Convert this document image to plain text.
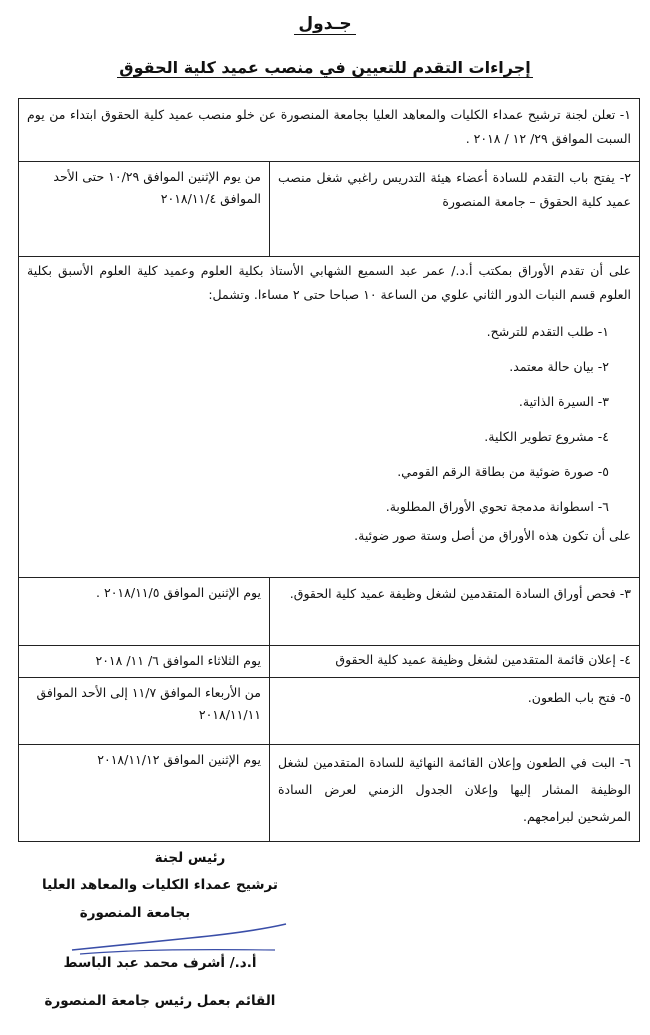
جـدول
إجراءات التقدم للتعيين في منصب عميد كلية الحقوق
١- تعلن لجنة ترشيح عمداء الكليات والمعاهد العليا بجامعة المنصورة عن خلو منصب عميد كلية الحقوق ابتداء من يوم السبت الموافق ٢٩/ ١٢ / ٢٠١٨ .
٢- يفتح باب التقدم للسادة أعضاء هيئة التدريس راغبي شغل منصب عميد كلية الحقوق – جامعة المنصورة
من يوم الإثنين الموافق ١٠/٢٩ حتى الأحد الموافق ٢٠١٨/١١/٤
على أن تقدم الأوراق بمكتب أ.د./ عمر عبد السميع الشهابي الأستاذ بكلية العلوم وعميد كلية العلوم الأسبق بكلية العلوم قسم النبات الدور الثاني علوي من الساعة ١٠ صباحا حتى ٢ مساءا. وتشمل:
١- طلب التقدم للترشح.
٢- بيان حالة معتمد.
٣- السيرة الذاتية.
٤- مشروع تطوير الكلية.
٥- صورة ضوئية من بطاقة الرقم القومي.
٦- اسطوانة مدمجة تحوي الأوراق المطلوبة.
على أن تكون هذه الأوراق من أصل وستة صور ضوئية.
٣- فحص أوراق السادة المتقدمين لشغل وظيفة عميد كلية الحقوق.
يوم الإثنين الموافق ٢٠١٨/١١/٥ .
٤- إعلان قائمة المتقدمين لشغل وظيفة عميد كلية الحقوق
يوم الثلاثاء الموافق ٦/ ١١/ ٢٠١٨
٥- فتح باب الطعون.
من الأربعاء الموافق ١١/٧ إلى الأحد الموافق ٢٠١٨/١١/١١
٦- البت في الطعون وإعلان القائمة النهائية للسادة المتقدمين لشغل الوظيفة المشار إليها وإعلان الجدول الزمني لعرض السادة المرشحين لبرامجهم.
يوم الإثنين الموافق ٢٠١٨/١١/١٢
رئيس لجنة
ترشيح عمداء الكليات والمعاهد العليا
بجامعة المنصورة
أ.د./ أشرف محمد عبد الباسط
القائم بعمل رئيس جامعة المنصورة
